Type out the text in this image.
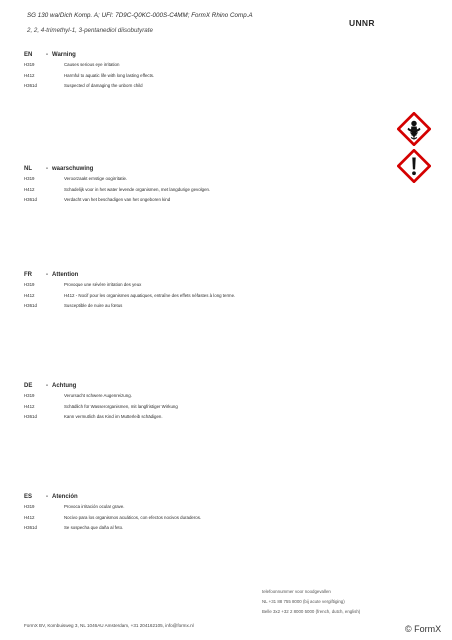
SG 130 wa/Dich Komp. A; UFI: 7D9C-Q0KC-000S-C4MM; FormX Rhino Comp.A
2, 2, 4-trimethyl-1, 3-pentanediol diisobutyrate
UNNR
EN - Warning
H319	Causes serious eye irritation
H412	Harmful to aquatic life with long lasting effects.
H361d	Suspected of damaging the unborn child
NL - waarschuwing
H319	Veroorzaakt ernstige oogirritatie.
H412	Schadelijk voor in het water levende organismen, met langdurige gevolgen.
H361d	Verdacht van het beschadigen van het ongeboren kind
FR - Attention
H319	Provoque une sévère irritation des yeux
H412	H412 - Nocif pour les organismes aquatiques, entraîne des effets néfastes à long terme.
H361d	Susceptible de nuire au fœtus
DE - Achtung
H319	Verursacht schwere Augenreizung.
H412	Schädlich für Wasserorganismen, mit langfristiger Wirkung
H361d	Kann vermutlich das Kind im Mutterleib schädigen.
ES - Atención
H319	Provoca irritación ocular grave.
H412	Nocivo para los organismos acuáticos, con efectos nocivos duraderos.
H361d	Se sospecha que daña al feto.
telefoonnummer voor noodgevallen
NL +31 88 755 8000 (bij acute vergiftiging)
Belle 3x2 +32 2 8000 5000 (french, dutch, english)
FormX BV, Kombuisweg 3, NL 1046AU Amsterdam, +31 204162105, info@formx.nl	© FormX
